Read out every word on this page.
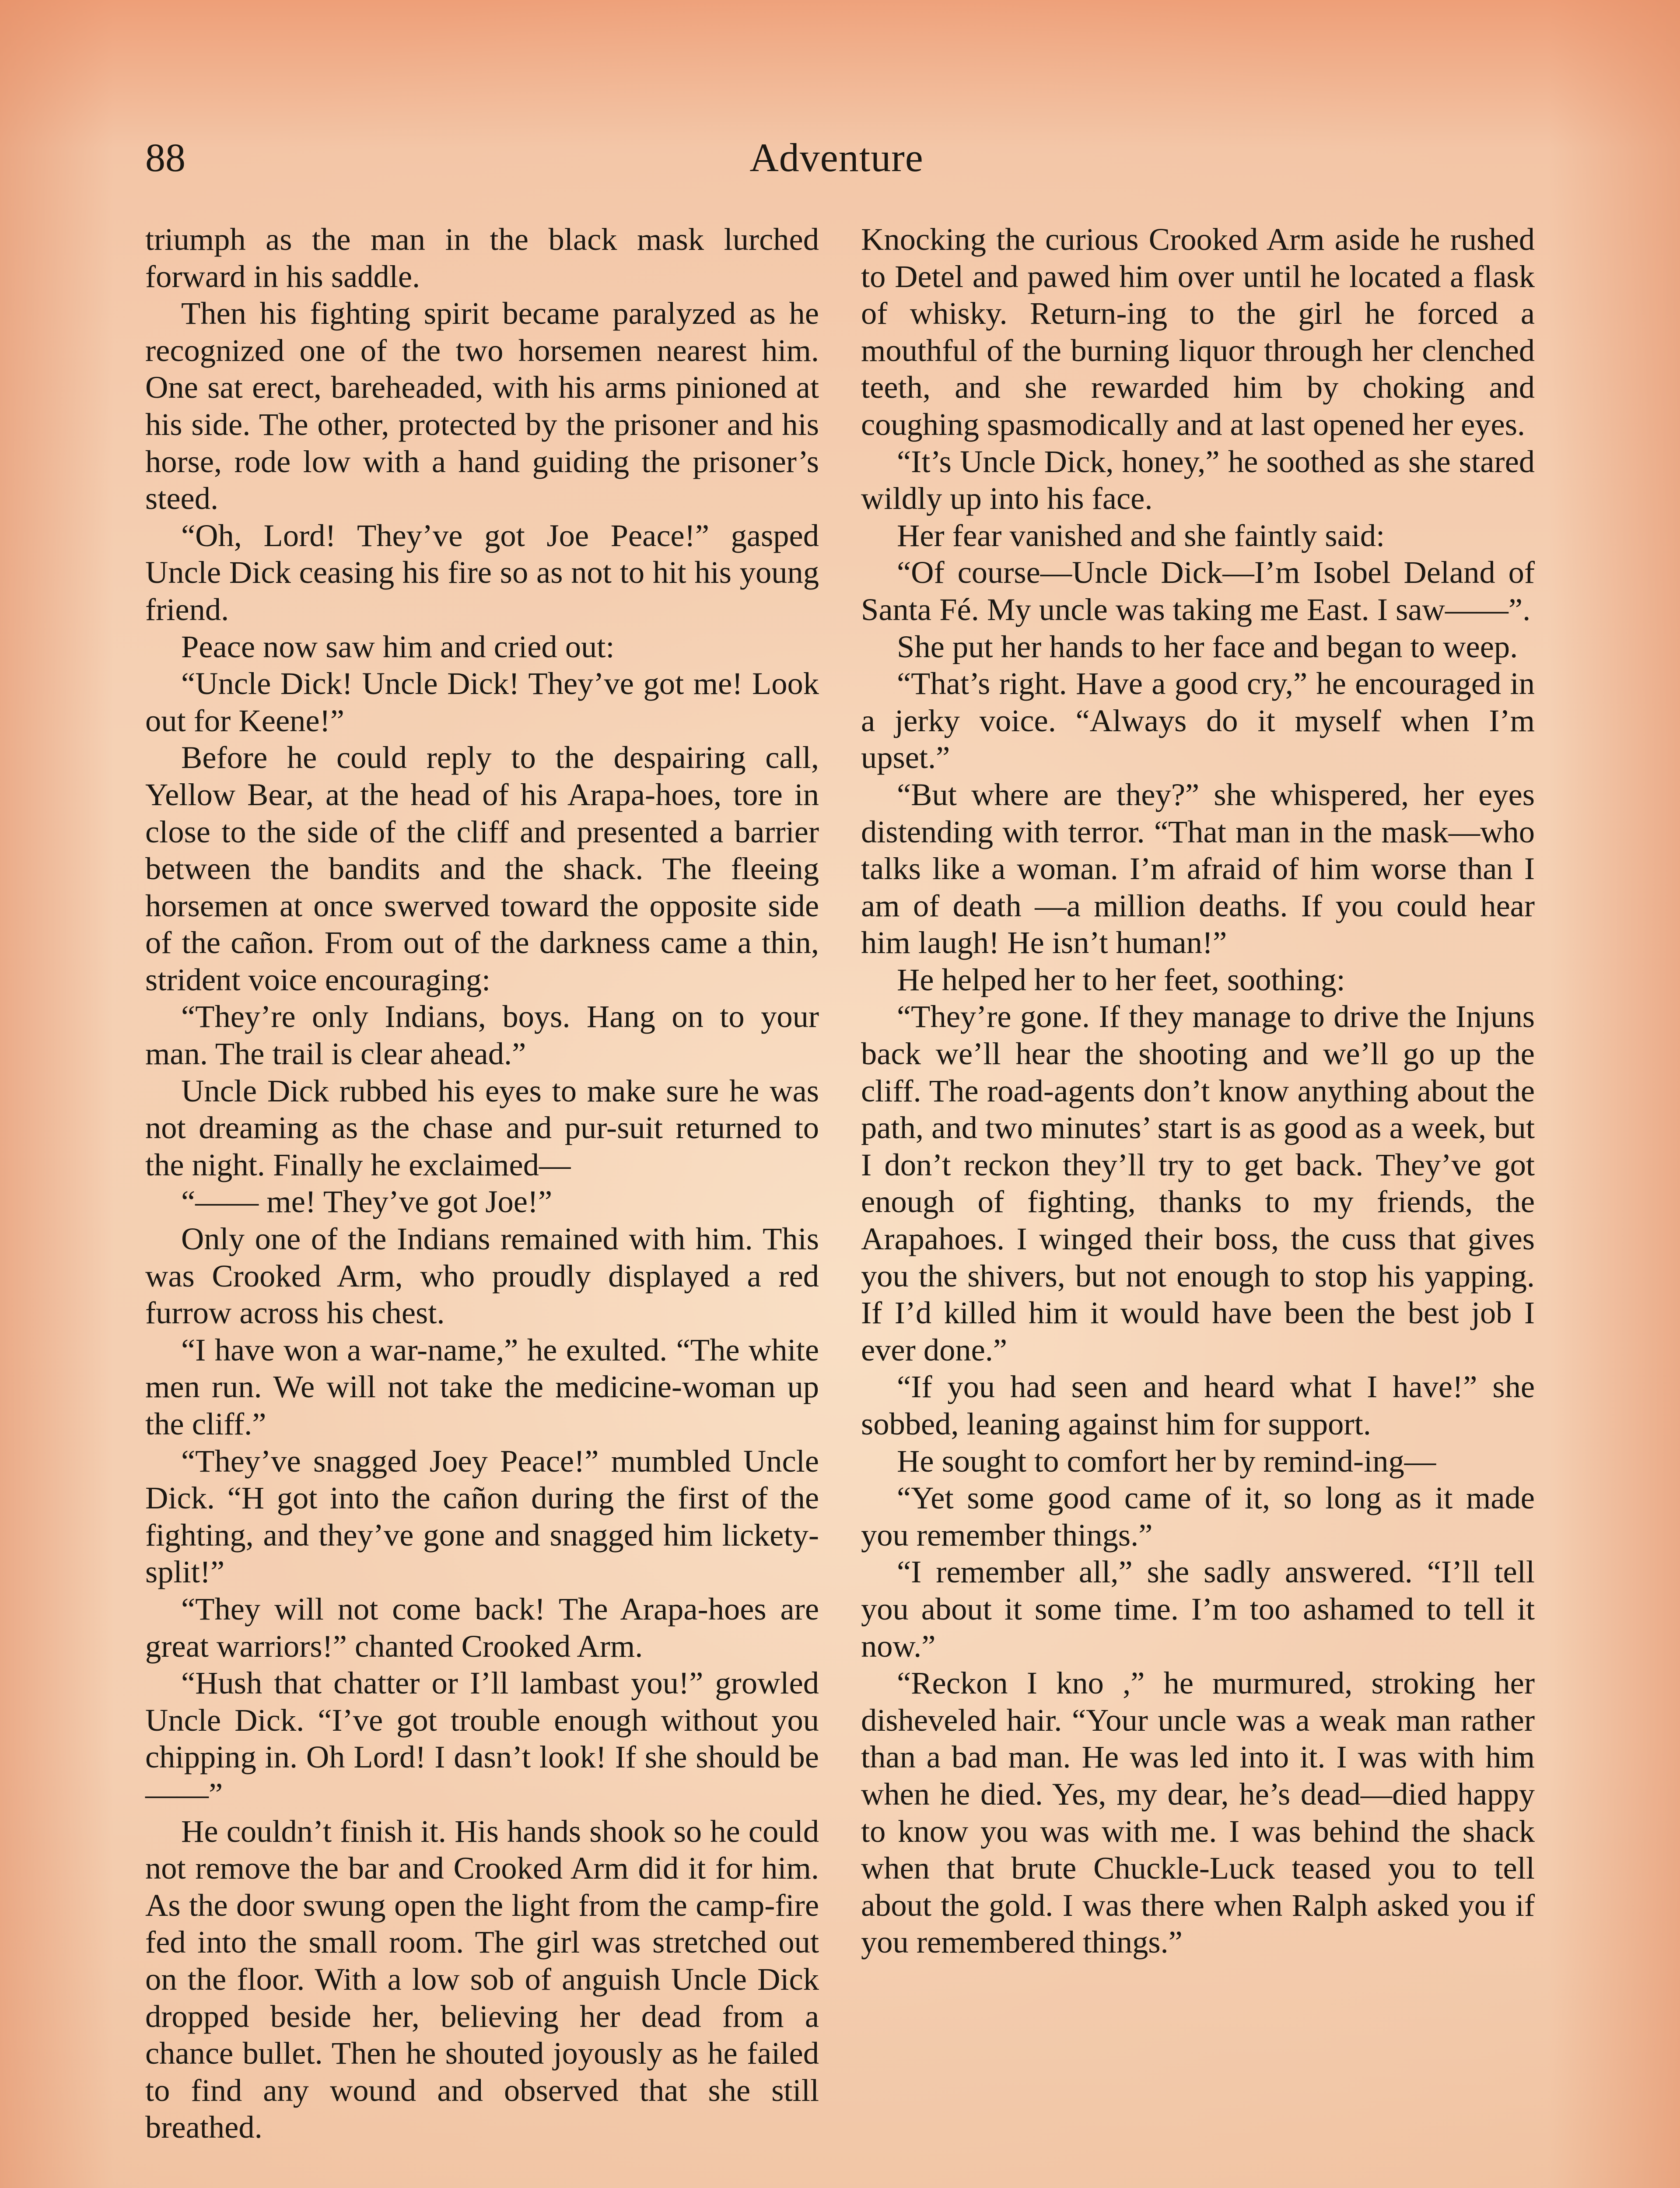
88	Adventure

triumph as the man in the black mask lurched forward in his saddle.

Then his fighting spirit became paralyzed as he recognized one of the two horsemen nearest him. One sat erect, bareheaded, with his arms pinioned at his side. The other, protected by the prisoner and his horse, rode low with a hand guiding the prisoner’s steed.

“Oh, Lord! They’ve got Joe Peace!” gasped Uncle Dick ceasing his fire so as not to hit his young friend.

Peace now saw him and cried out:

“Uncle Dick! Uncle Dick! They’ve got me! Look out for Keene!”

Before he could reply to the despairing call, Yellow Bear, at the head of his Arapa-hoes, tore in close to the side of the cliff and presented a barrier between the bandits and the shack. The fleeing horsemen at once swerved toward the opposite side of the cañon. From out of the darkness came a thin, strident voice encouraging:

“They’re only Indians, boys. Hang on to your man. The trail is clear ahead.”

Uncle Dick rubbed his eyes to make sure he was not dreaming as the chase and pur-suit returned to the night. Finally he exclaimed—

“—— me! They’ve got Joe!”

Only one of the Indians remained with him. This was Crooked Arm, who proudly displayed a red furrow across his chest.

“I have won a war-name,” he exulted. “The white men run. We will not take the medicine-woman up the cliff.”

“They’ve snagged Joey Peace!” mumbled Uncle Dick. “H got into the cañon during the first of the fighting, and they’ve gone and snagged him lickety-split!”

“They will not come back! The Arapa-hoes are great warriors!” chanted Crooked Arm.

“Hush that chatter or I’ll lambast you!” growled Uncle Dick. “I’ve got trouble enough without you chipping in. Oh Lord! I dasn’t look! If she should be——”

He couldn’t finish it. His hands shook so he could not remove the bar and Crooked Arm did it for him. As the door swung open the light from the camp-fire fed into the small room. The girl was stretched out on the floor. With a low sob of anguish Uncle Dick dropped beside her, believing her dead from a chance bullet. Then he shouted joyously as he failed to find any wound and observed that she still breathed.

Knocking the curious Crooked Arm aside he rushed to Detel and pawed him over until he located a flask of whisky. Return-ing to the girl he forced a mouthful of the burning liquor through her clenched teeth, and she rewarded him by choking and coughing spasmodically and at last opened her eyes.

“It’s Uncle Dick, honey,” he soothed as she stared wildly up into his face.

Her fear vanished and she faintly said:

“Of course—Uncle Dick—I’m Isobel Deland of Santa Fé. My uncle was taking me East. I saw——”.

She put her hands to her face and began to weep.

“That’s right. Have a good cry,” he encouraged in a jerky voice. “Always do it myself when I’m upset.”

“But where are they?” she whispered, her eyes distending with terror. “That man in the mask—who talks like a woman. I’m afraid of him worse than I am of death —a million deaths. If you could hear him laugh! He isn’t human!”

He helped her to her feet, soothing:

“They’re gone. If they manage to drive the Injuns back we’ll hear the shooting and we’ll go up the cliff. The road-agents don’t know anything about the path, and two minutes’ start is as good as a week, but I don’t reckon they’ll try to get back. They’ve got enough of fighting, thanks to my friends, the Arapahoes. I winged their boss, the cuss that gives you the shivers, but not enough to stop his yapping. If I’d killed him it would have been the best job I ever done.”

“If you had seen and heard what I have!” she sobbed, leaning against him for support.

He sought to comfort her by remind-ing—

“Yet some good came of it, so long as it made you remember things.”

“I remember all,” she sadly answered. “I’ll tell you about it some time. I’m too ashamed to tell it now.”

“Reckon I kno ,” he murmured, stroking her disheveled hair. “Your uncle was a weak man rather than a bad man. He was led into it. I was with him when he died. Yes, my dear, he’s dead—died happy to know you was with me. I was behind the shack when that brute Chuckle-Luck teased you to tell about the gold. I was there when Ralph asked you if you remembered things.”
